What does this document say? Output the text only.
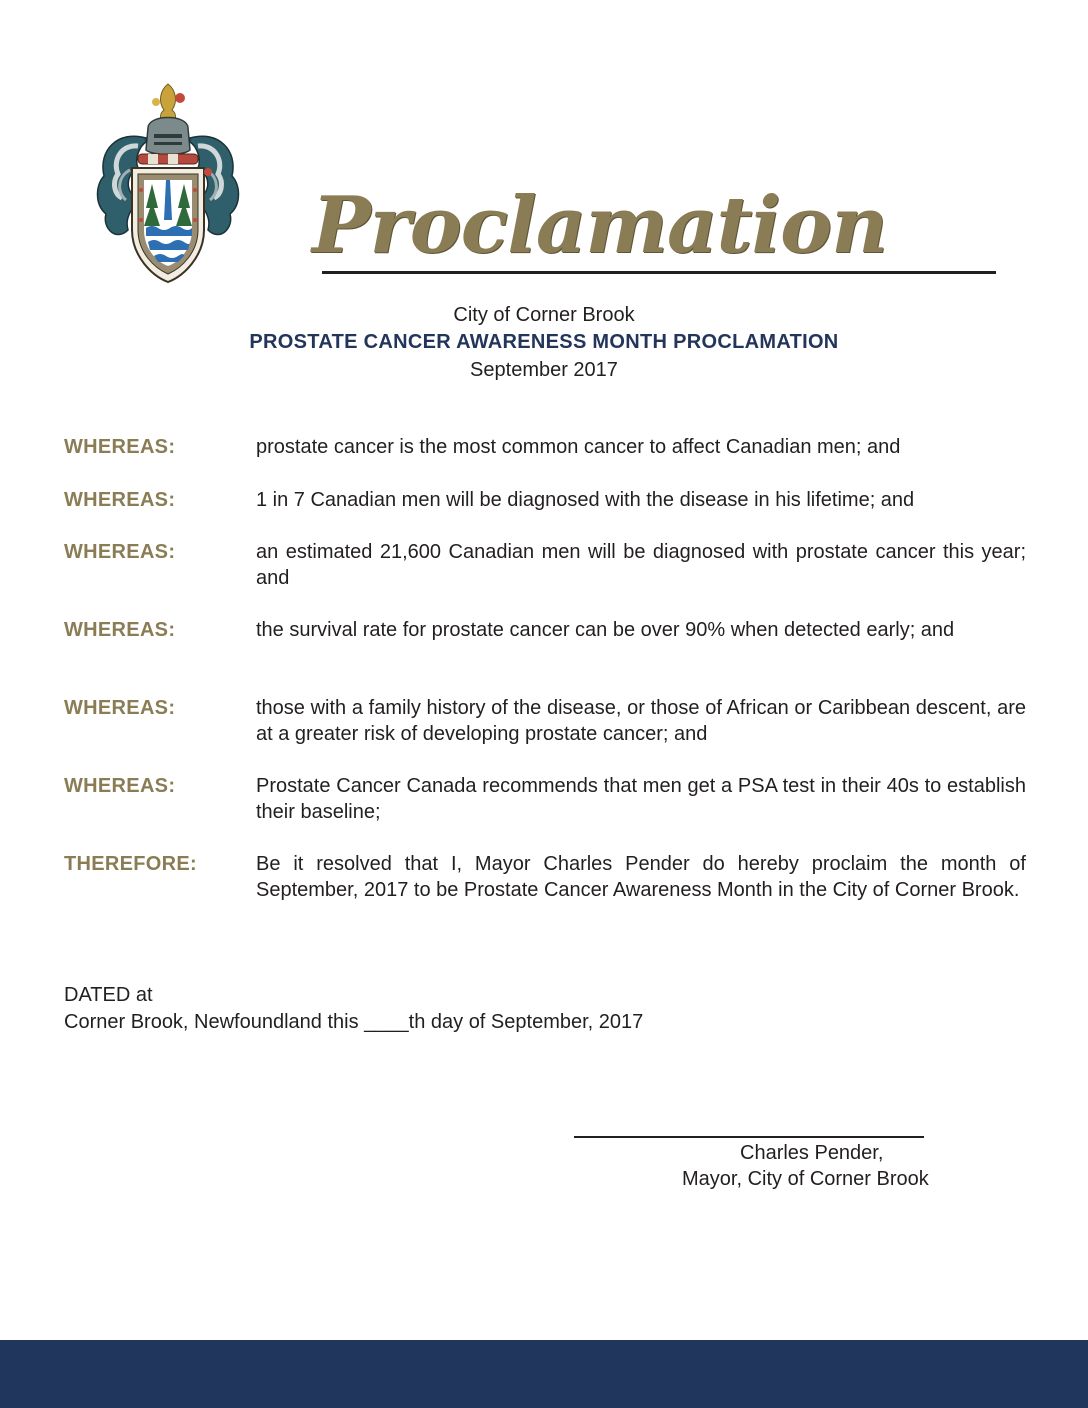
Proclamation
City of Corner Brook
PROSTATE CANCER AWARENESS MONTH PROCLAMATION
September 2017
WHEREAS:	prostate cancer is the most common cancer to affect Canadian men; and
WHEREAS:	1 in 7 Canadian men will be diagnosed with the disease in his lifetime; and
WHEREAS:	an estimated 21,600 Canadian men will be diagnosed with prostate cancer this year; and
WHEREAS:	the survival rate for prostate cancer can be over 90% when detected early; and
WHEREAS:	those with a family history of the disease, or those of African or Caribbean descent, are at a greater risk of developing prostate cancer; and
WHEREAS:	Prostate Cancer Canada recommends that men get a PSA test in their 40s to establish their baseline;
THEREFORE:	Be it resolved that I, Mayor Charles Pender do hereby proclaim the month of September, 2017 to be Prostate Cancer Awareness Month in the City of Corner Brook.
DATED at
Corner Brook, Newfoundland this ____th day of September, 2017
Charles Pender,
Mayor, City of Corner Brook
